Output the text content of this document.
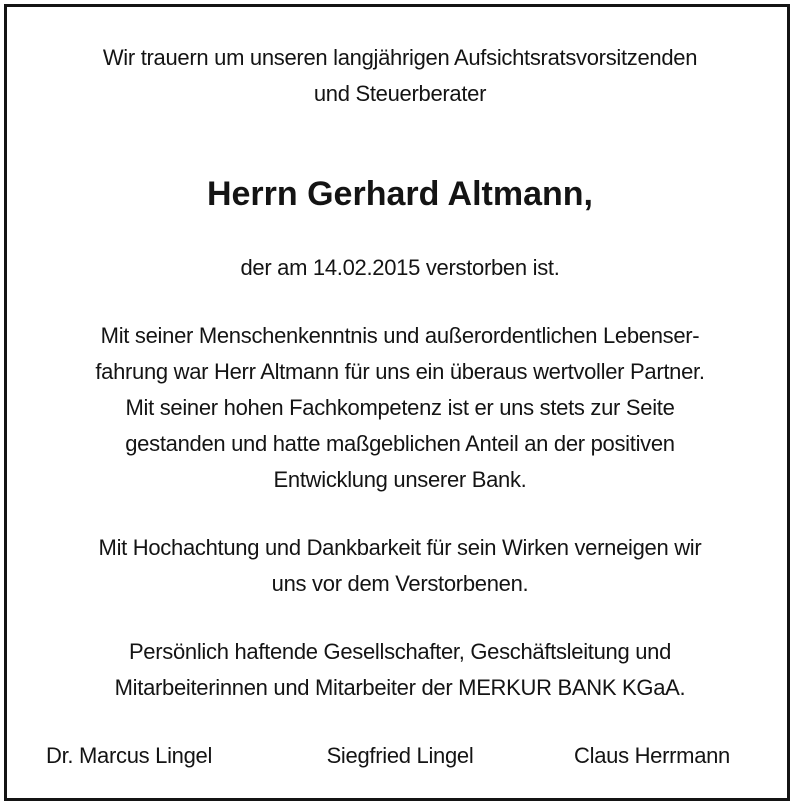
Wir trauern um unseren langjährigen Aufsichtsratsvorsitzenden
und Steuerberater
Herrn Gerhard Altmann,
der am 14.02.2015 verstorben ist.
Mit seiner Menschenkenntnis und außerordentlichen Lebenser-
fahrung war Herr Altmann für uns ein überaus wertvoller Partner.
Mit seiner hohen Fachkompetenz ist er uns stets zur Seite
gestanden und hatte maßgeblichen Anteil an der positiven
Entwicklung unserer Bank.
Mit Hochachtung und Dankbarkeit für sein Wirken verneigen wir
uns vor dem Verstorbenen.
Persönlich haftende Gesellschafter, Geschäftsleitung und
Mitarbeiterinnen und Mitarbeiter der MERKUR BANK KGaA.
Dr. Marcus Lingel	Siegfried Lingel	Claus Herrmann
